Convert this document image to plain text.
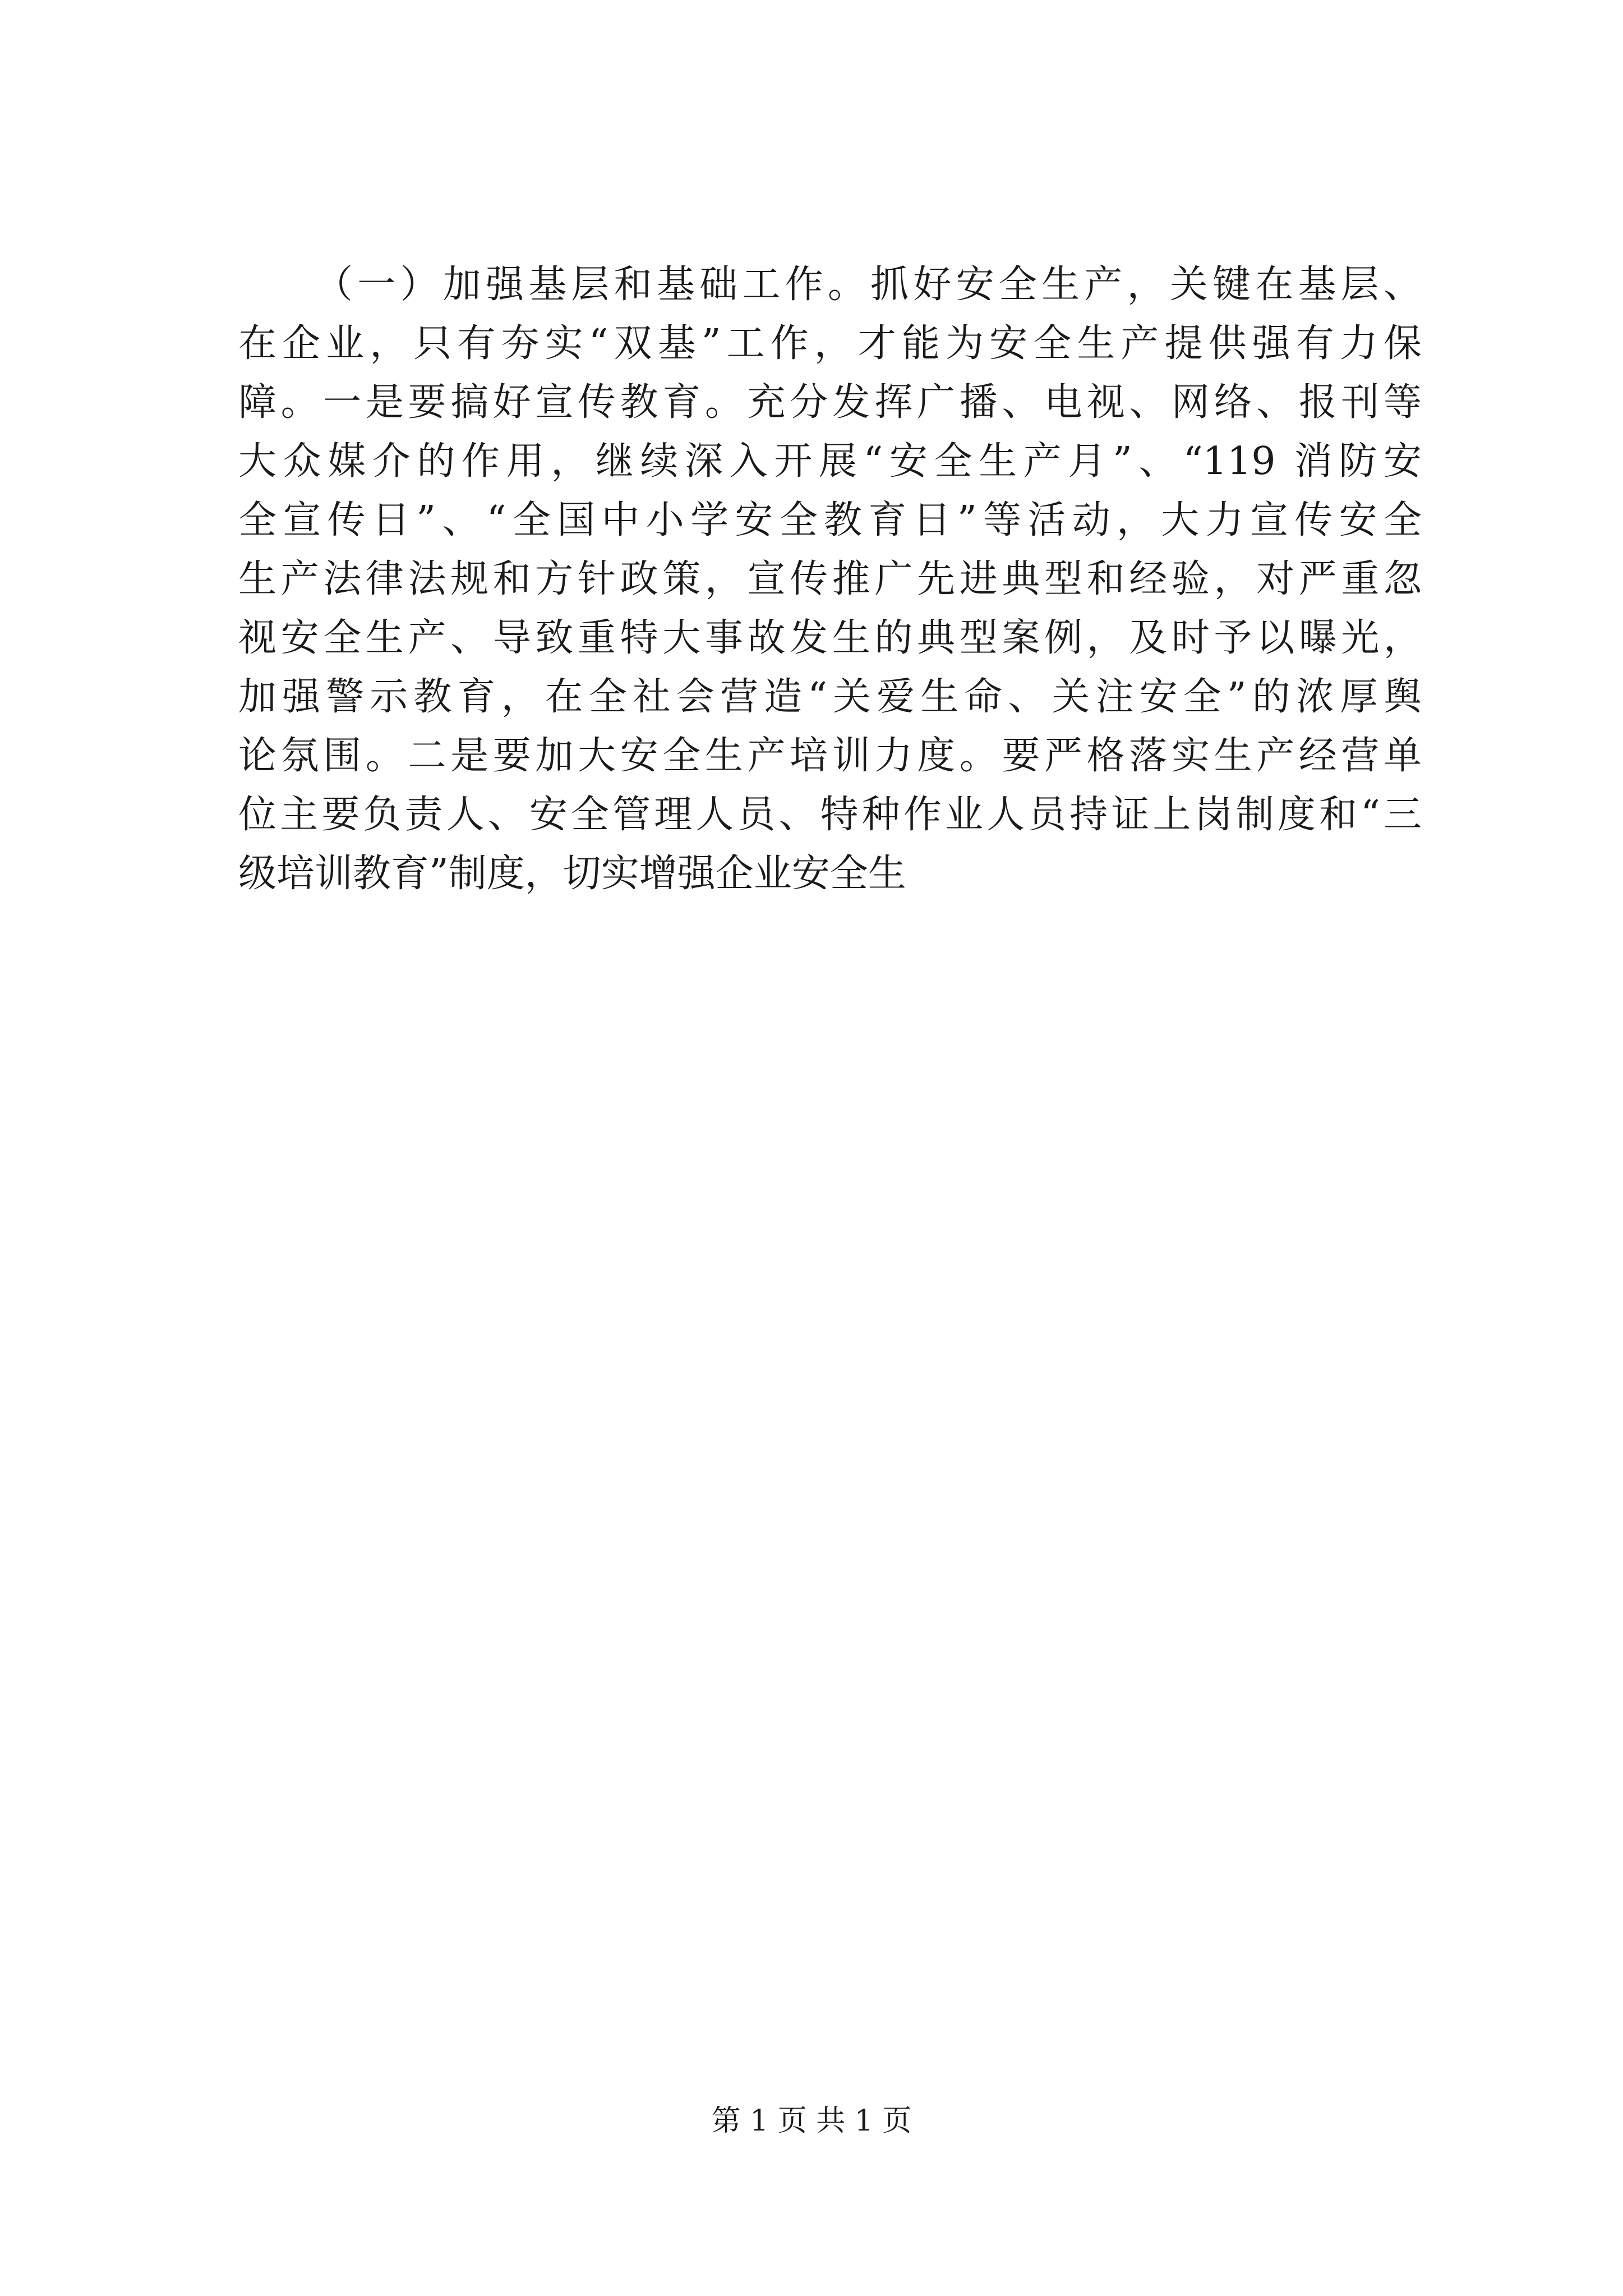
（一）加强基层和基础工作。抓好安全生产，关键在基层、
在企业，只有夯实“双基”工作，才能为安全生产提供强有力保
障。一是要搞好宣传教育。充分发挥广播、电视、网络、报刊等
大众媒介的作用，继续深入开展“安全生产月”、“119 消防安
全宣传日”、“全国中小学安全教育日”等活动，大力宣传安全
生产法律法规和方针政策，宣传推广先进典型和经验，对严重忽
视安全生产、导致重特大事故发生的典型案例，及时予以曝光，
加强警示教育，在全社会营造“关爱生命、关注安全”的浓厚舆
论氛围。二是要加大安全生产培训力度。要严格落实生产经营单
位主要负责人、安全管理人员、特种作业人员持证上岗制度和“三
级培训教育”制度，切实增强企业安全生
第 1 页 共 1 页
